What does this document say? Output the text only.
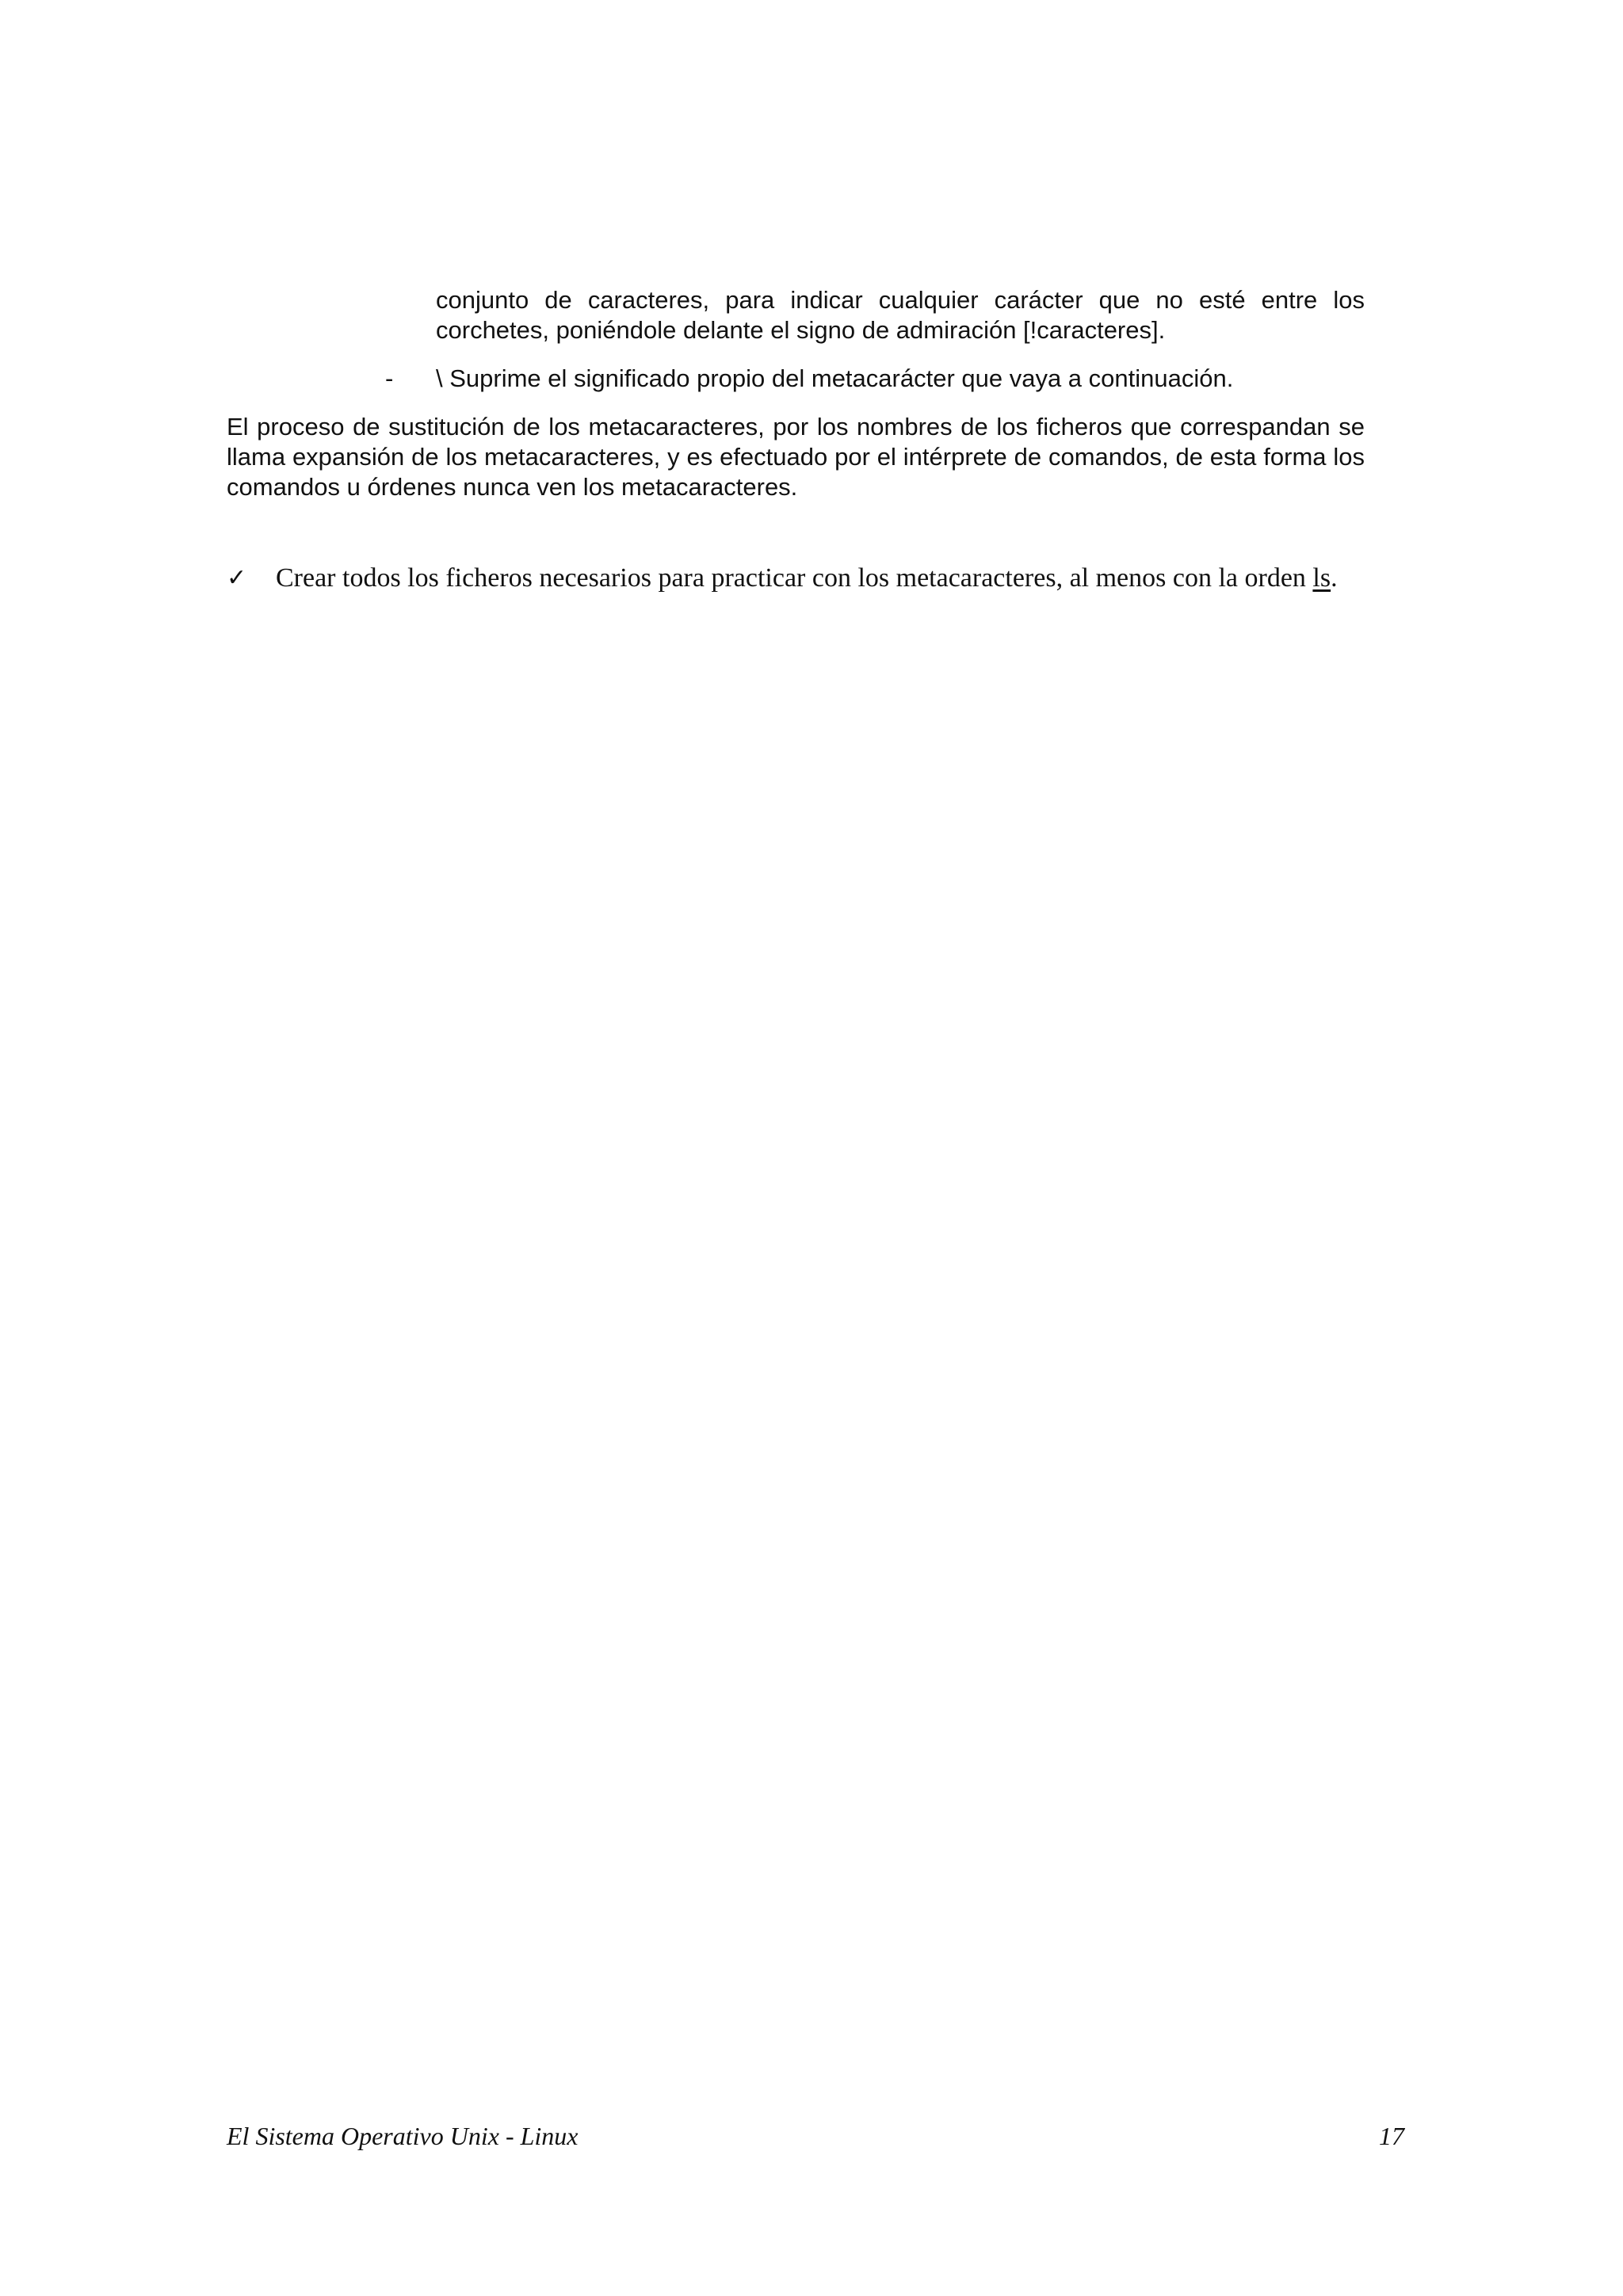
conjunto de caracteres, para indicar cualquier carácter que no esté entre los corchetes, poniéndole delante el signo de admiración [!caracteres].
- \ Suprime el significado propio del metacarácter que vaya a continuación.
El proceso de sustitución de los metacaracteres, por los nombres de los ficheros que correspandan se llama expansión de los metacaracteres, y es efectuado por el intérprete de comandos, de esta forma los comandos u órdenes nunca ven los metacaracteres.
✓	Crear todos los ficheros necesarios para practicar con los metacaracteres, al menos con la orden ls.
El Sistema Operativo Unix - Linux	17
